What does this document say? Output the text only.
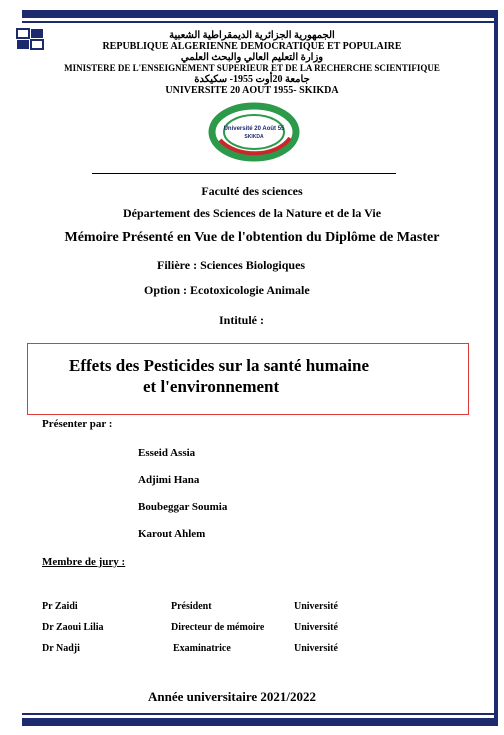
الجمهورية الجزائرية الديمقراطية الشعبية
REPUBLIQUE ALGERIENNE DEMOCRATIQUE ET POPULAIRE
وزارة التعليم العالي والبحث العلمي
MINISTERE DE L'ENSEIGNEMENT SUPERIEUR ET DE LA RECHERCHE SCIENTIFIQUE
جامعة 20أوت 1955- سكيكدة
UNIVERSITE 20 AOUT 1955- SKIKDA
Université 20 Août 55
SKIKDA
Faculté des sciences
Département des Sciences de la Nature et de la Vie
Mémoire Présenté en Vue de l'obtention du Diplôme de Master
Filière : Sciences Biologiques
Option : Ecotoxicologie Animale
Intitulé :
Effets des Pesticides sur la santé humaine
et l'environnement
Présenter par :
Esseid Assia
Adjimi Hana
Boubeggar Soumia
Karout Ahlem
Membre de jury :
Pr Zaidi	Président	Université
Dr Zaoui Lilia	Directeur de mémoire	Université
Dr Nadji	Examinatrice	Université
Année universitaire 2021/2022
